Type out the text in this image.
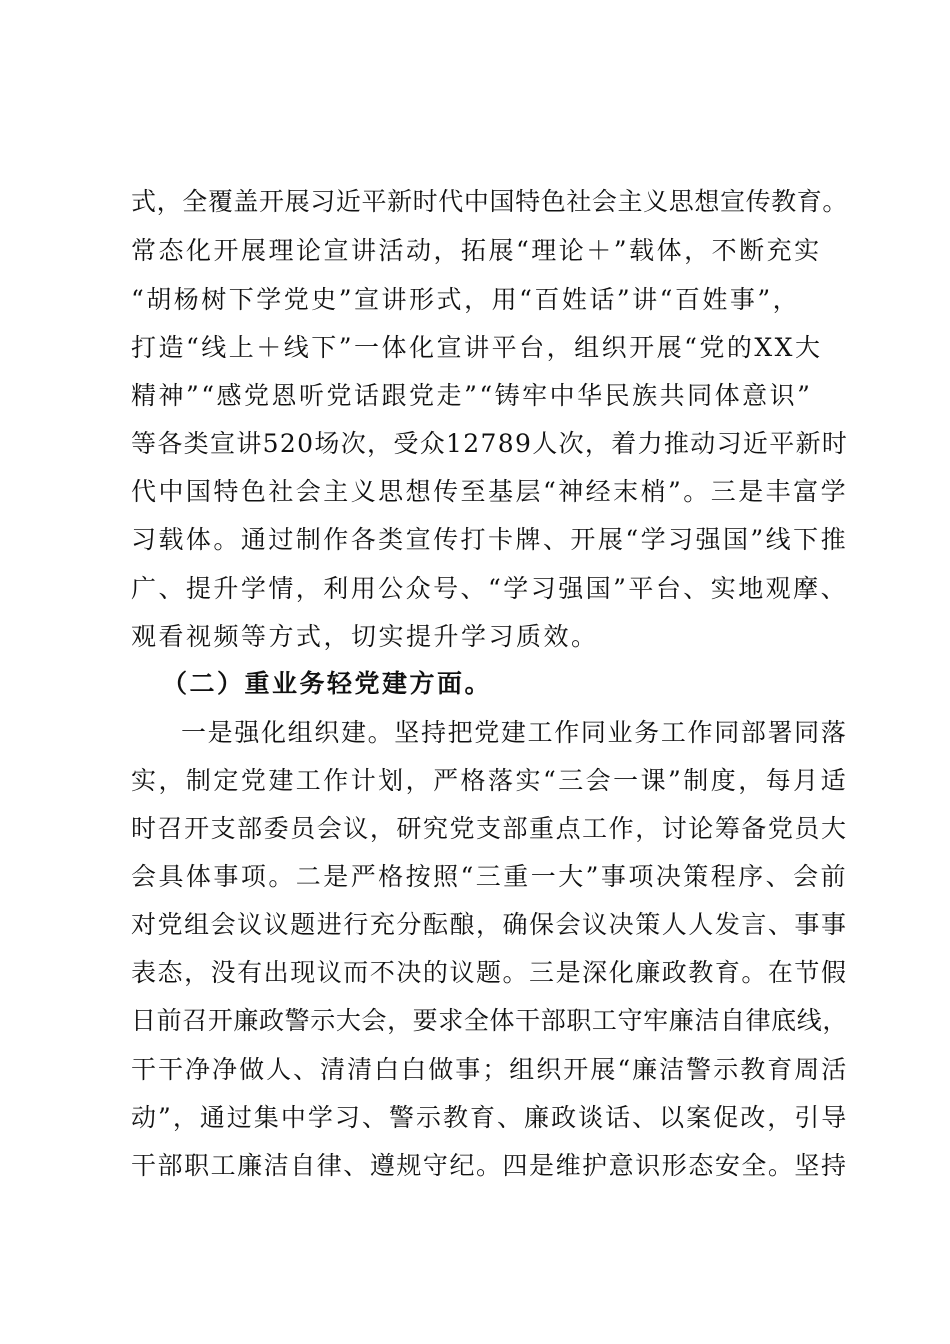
式，全覆盖开展习近平新时代中国特色社会主义思想宣传教育。
常态化开展理论宣讲活动，拓展“理论＋”载体，不断充实
“胡杨树下学党史”宣讲形式，用“百姓话”讲“百姓事”，
打造“线上＋线下”一体化宣讲平台，组织开展“党的XX大
精神”“感党恩听党话跟党走”“铸牢中华民族共同体意识”
等各类宣讲520场次，受众12789人次，着力推动习近平新时
代中国特色社会主义思想传至基层“神经末梢”。三是丰富学
习载体。通过制作各类宣传打卡牌、开展“学习强国”线下推
广、提升学情，利用公众号、“学习强国”平台、实地观摩、
观看视频等方式，切实提升学习质效。
（二）重业务轻党建方面。
一是强化组织建。坚持把党建工作同业务工作同部署同落
实，制定党建工作计划，严格落实“三会一课”制度，每月适
时召开支部委员会议，研究党支部重点工作，讨论筹备党员大
会具体事项。二是严格按照“三重一大”事项决策程序、会前
对党组会议议题进行充分酝酿，确保会议决策人人发言、事事
表态，没有出现议而不决的议题。三是深化廉政教育。在节假
日前召开廉政警示大会，要求全体干部职工守牢廉洁自律底线，
干干净净做人、清清白白做事；组织开展“廉洁警示教育周活
动”，通过集中学习、警示教育、廉政谈话、以案促改，引导
干部职工廉洁自律、遵规守纪。四是维护意识形态安全。坚持
